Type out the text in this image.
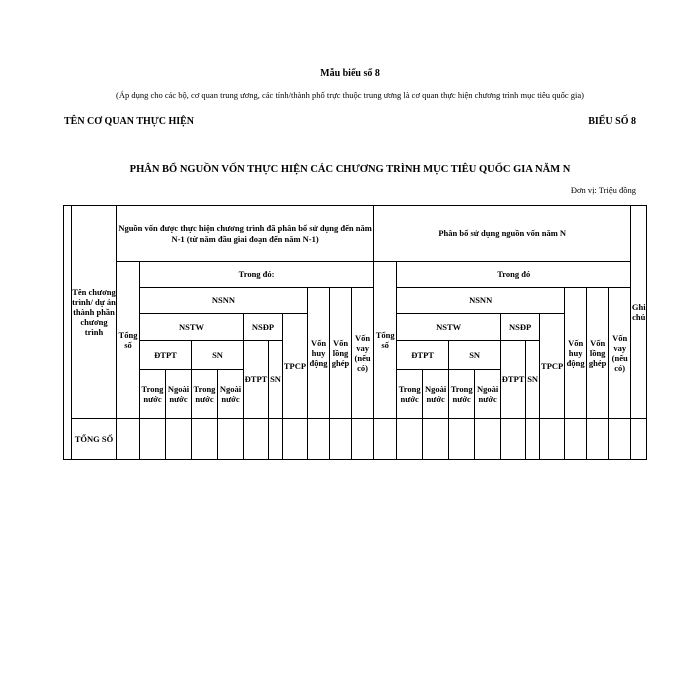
Mẫu biểu số 8
(Áp dụng cho các bộ, cơ quan trung ương, các tỉnh/thành phố trực thuộc trung ương là cơ quan thực hiện chương trình mục tiêu quốc gia)
TÊN CƠ QUAN THỰC HIỆN	BIỂU SỐ 8
PHÂN BỔ NGUỒN VỐN THỰC HIỆN CÁC CHƯƠNG TRÌNH MỤC TIÊU QUỐC GIA NĂM N
Đơn vị: Triệu đồng
	Tên chương trình/ dự án thành phần chương trình	Nguồn vốn được thực hiện chương trình đã phân bổ sử dụng đến năm N-1 (từ năm đầu giai đoạn đến năm N-1)											Phân bổ sử dụng nguồn vốn năm N											Ghi chú
		Tổng số	Trong đó:										Tổng số	Trong đó										
			NSNN							Vốn huy động	Vốn lồng ghép	Vốn vay (nếu có)		NSNN							Vốn huy động	Vốn lồng ghép	Vốn vay (nếu có)	
			NSTW				NSĐP		TPCP					NSTW				NSĐP		TPCP				
			ĐTPT		SN		ĐTPT	SN						ĐTPT		SN		ĐTPT	SN					
			Trong nước	Ngoài nước	Trong nước	Ngoài nước								Trong nước	Ngoài nước	Trong nước	Ngoài nước							
	TỔNG SỐ																							
